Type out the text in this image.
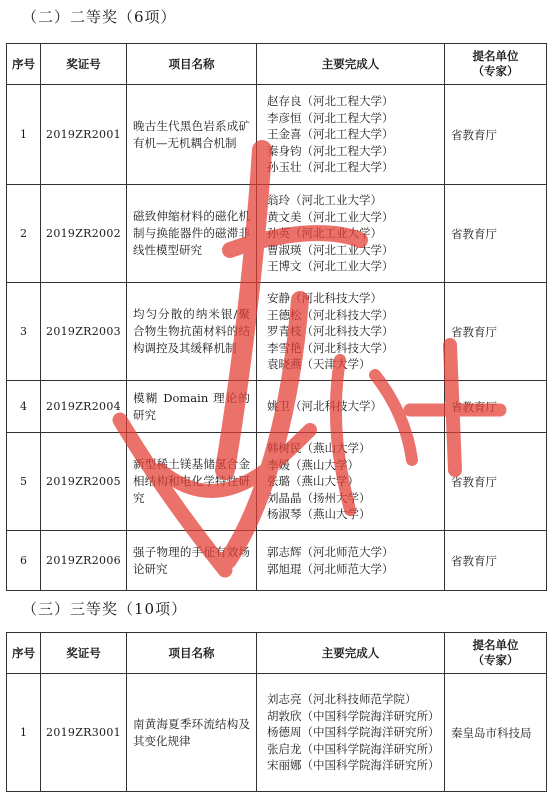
（二）二等奖（6项）
序号	奖证号	项目名称	主要完成人	提名单位
（专家）
1	2019ZR2001	晚古生代黑色岩系成矿有机—无机耦合机制	赵存良（河北工程大学）
李彦恒（河北工程大学）
王金喜（河北工程大学）
秦身钧（河北工程大学）
孙玉壮（河北工程大学）	省教育厅
2	2019ZR2002	磁致伸缩材料的磁化机制与换能器件的磁滞非线性模型研究	翁玲（河北工业大学）
黄文美（河北工业大学）
孙英（河北工业大学）
曹淑瑛（河北工业大学）
王博文（河北工业大学）	省教育厅
3	2019ZR2003	均匀分散的纳米银/聚合物生物抗菌材料的结构调控及其缓释机制	安静（河北科技大学）
王德松（河北科技大学）
罗青枝（河北科技大学）
李雪艳（河北科技大学）
袁晓燕（天津大学）	省教育厅
4	2019ZR2004	模糊 Domain 理论的研究	姚卫（河北科技大学）	省教育厅
5	2019ZR2005	新型稀土镁基储氢合金相结构和电化学特性研究	韩树民（燕山大学）
李媛（燕山大学）
张璐（燕山大学）
刘晶晶（扬州大学）
杨淑琴（燕山大学）	省教育厅
6	2019ZR2006	强子物理的手征有效场论研究	郭志辉（河北师范大学）
郭旭琨（河北师范大学）	省教育厅
（三）三等奖（10项）
序号	奖证号	项目名称	主要完成人	提名单位
（专家）
1	2019ZR3001	南黄海夏季环流结构及其变化规律	刘志亮（河北科技师范学院）
胡敦欣（中国科学院海洋研究所）
杨德周（中国科学院海洋研究所）
张启龙（中国科学院海洋研究所）
宋丽娜（中国科学院海洋研究所）	秦皇岛市科技局
